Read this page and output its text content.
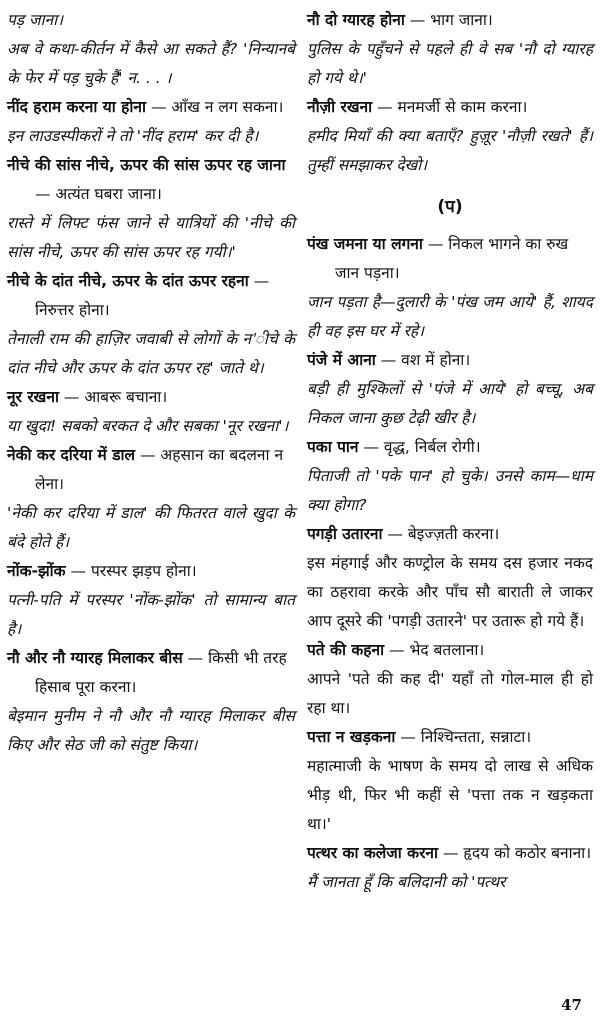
पड़ जाना।

अब वे कथा-कीर्तन में कैसे आ सकते हैं? 'निन्यानबे के फेर में पड़ चुके हैं' न. . . ।

नींद हराम करना या होना — आँख न लग सकना।

इन लाउडस्पीकरों ने तो 'नींद हराम' कर दी है।

नीचे की सांस नीचे, ऊपर की सांस ऊपर रह जाना — अत्यंत घबरा जाना।

रास्ते में लिफ्ट फंस जाने से यात्रियों की 'नीचे की सांस नीचे, ऊपर की सांस ऊपर रह गयी।'

नीचे के दांत नीचे, ऊपर के दांत ऊपर रहना — निरुत्तर होना।

तेनाली राम की हाज़िर जवाबी से लोगों के न'ीचे के दांत नीचे और ऊपर के दांत ऊपर रह' जाते थे।

नूर रखना — आबरू बचाना।

या खुदा! सबको बरकत दे और सबका 'नूर रखना'।

नेकी कर दरिया में डाल — अहसान का बदलना न लेना।

'नेकी कर दरिया में डाल' की फितरत वाले खुदा के बंदे होते हैं।

नोंक-झोंक — परस्पर झड़प होना।

पत्नी-पति में परस्पर 'नोंक-झोंक' तो सामान्य बात है।

नौ और नौ ग्यारह मिलाकर बीस — किसी भी तरह हिसाब पूरा करना।

बेइमान मुनीम ने नौ और नौ ग्यारह मिलाकर बीस किए और सेठ जी को संतुष्ट किया।

नौ दो ग्यारह होना — भाग जाना।

पुलिस के पहुँचने से पहले ही वे सब 'नौ दो ग्यारह हो गये थे।'

नौज़ी रखना — मनमर्जी से काम करना।

हमीद मियाँ की क्या बताएँ? हुज़ूर 'नौज़ी रखते' हैं। तुम्हीं समझाकर देखो।

(प)

पंख जमना या लगना — निकल भागने का रुख जान पड़ना।

जान पड़ता है—दुलारी के 'पंख जम आये' हैं, शायद ही वह इस घर में रहे।

पंजे में आना — वश में होना।

बड़ी ही मुश्किलों से 'पंजे में आये' हो बच्चू, अब निकल जाना कुछ टेढ़ी खीर है।

पका पान — वृद्ध, निर्बल रोगी।

पिताजी तो 'पके पान' हो चुके। उनसे काम—धाम क्या होगा?

पगड़ी उतारना — बेइज्ज़ती करना।

इस मंहगाई और कण्ट्रोल के समय दस हजार नकद का ठहरावा करके और पाँच सौ बाराती ले जाकर आप दूसरे की 'पगड़ी उतारने' पर उतारू हो गये हैं।

पते की कहना — भेद बतलाना।

आपने 'पते की कह दी' यहाँ तो गोल-माल ही हो रहा था।

पत्ता न खड़कना — निश्चिन्तता, सन्नाटा।

महात्माजी के भाषण के समय दो लाख से अधिक भीड़ थी, फिर भी कहीं से 'पत्ता तक न खड़कता था।'

पत्थर का कलेजा करना — हृदय को कठोर बनाना।

मैं जानता हूँ कि बलिदानी को 'पत्थर

47
